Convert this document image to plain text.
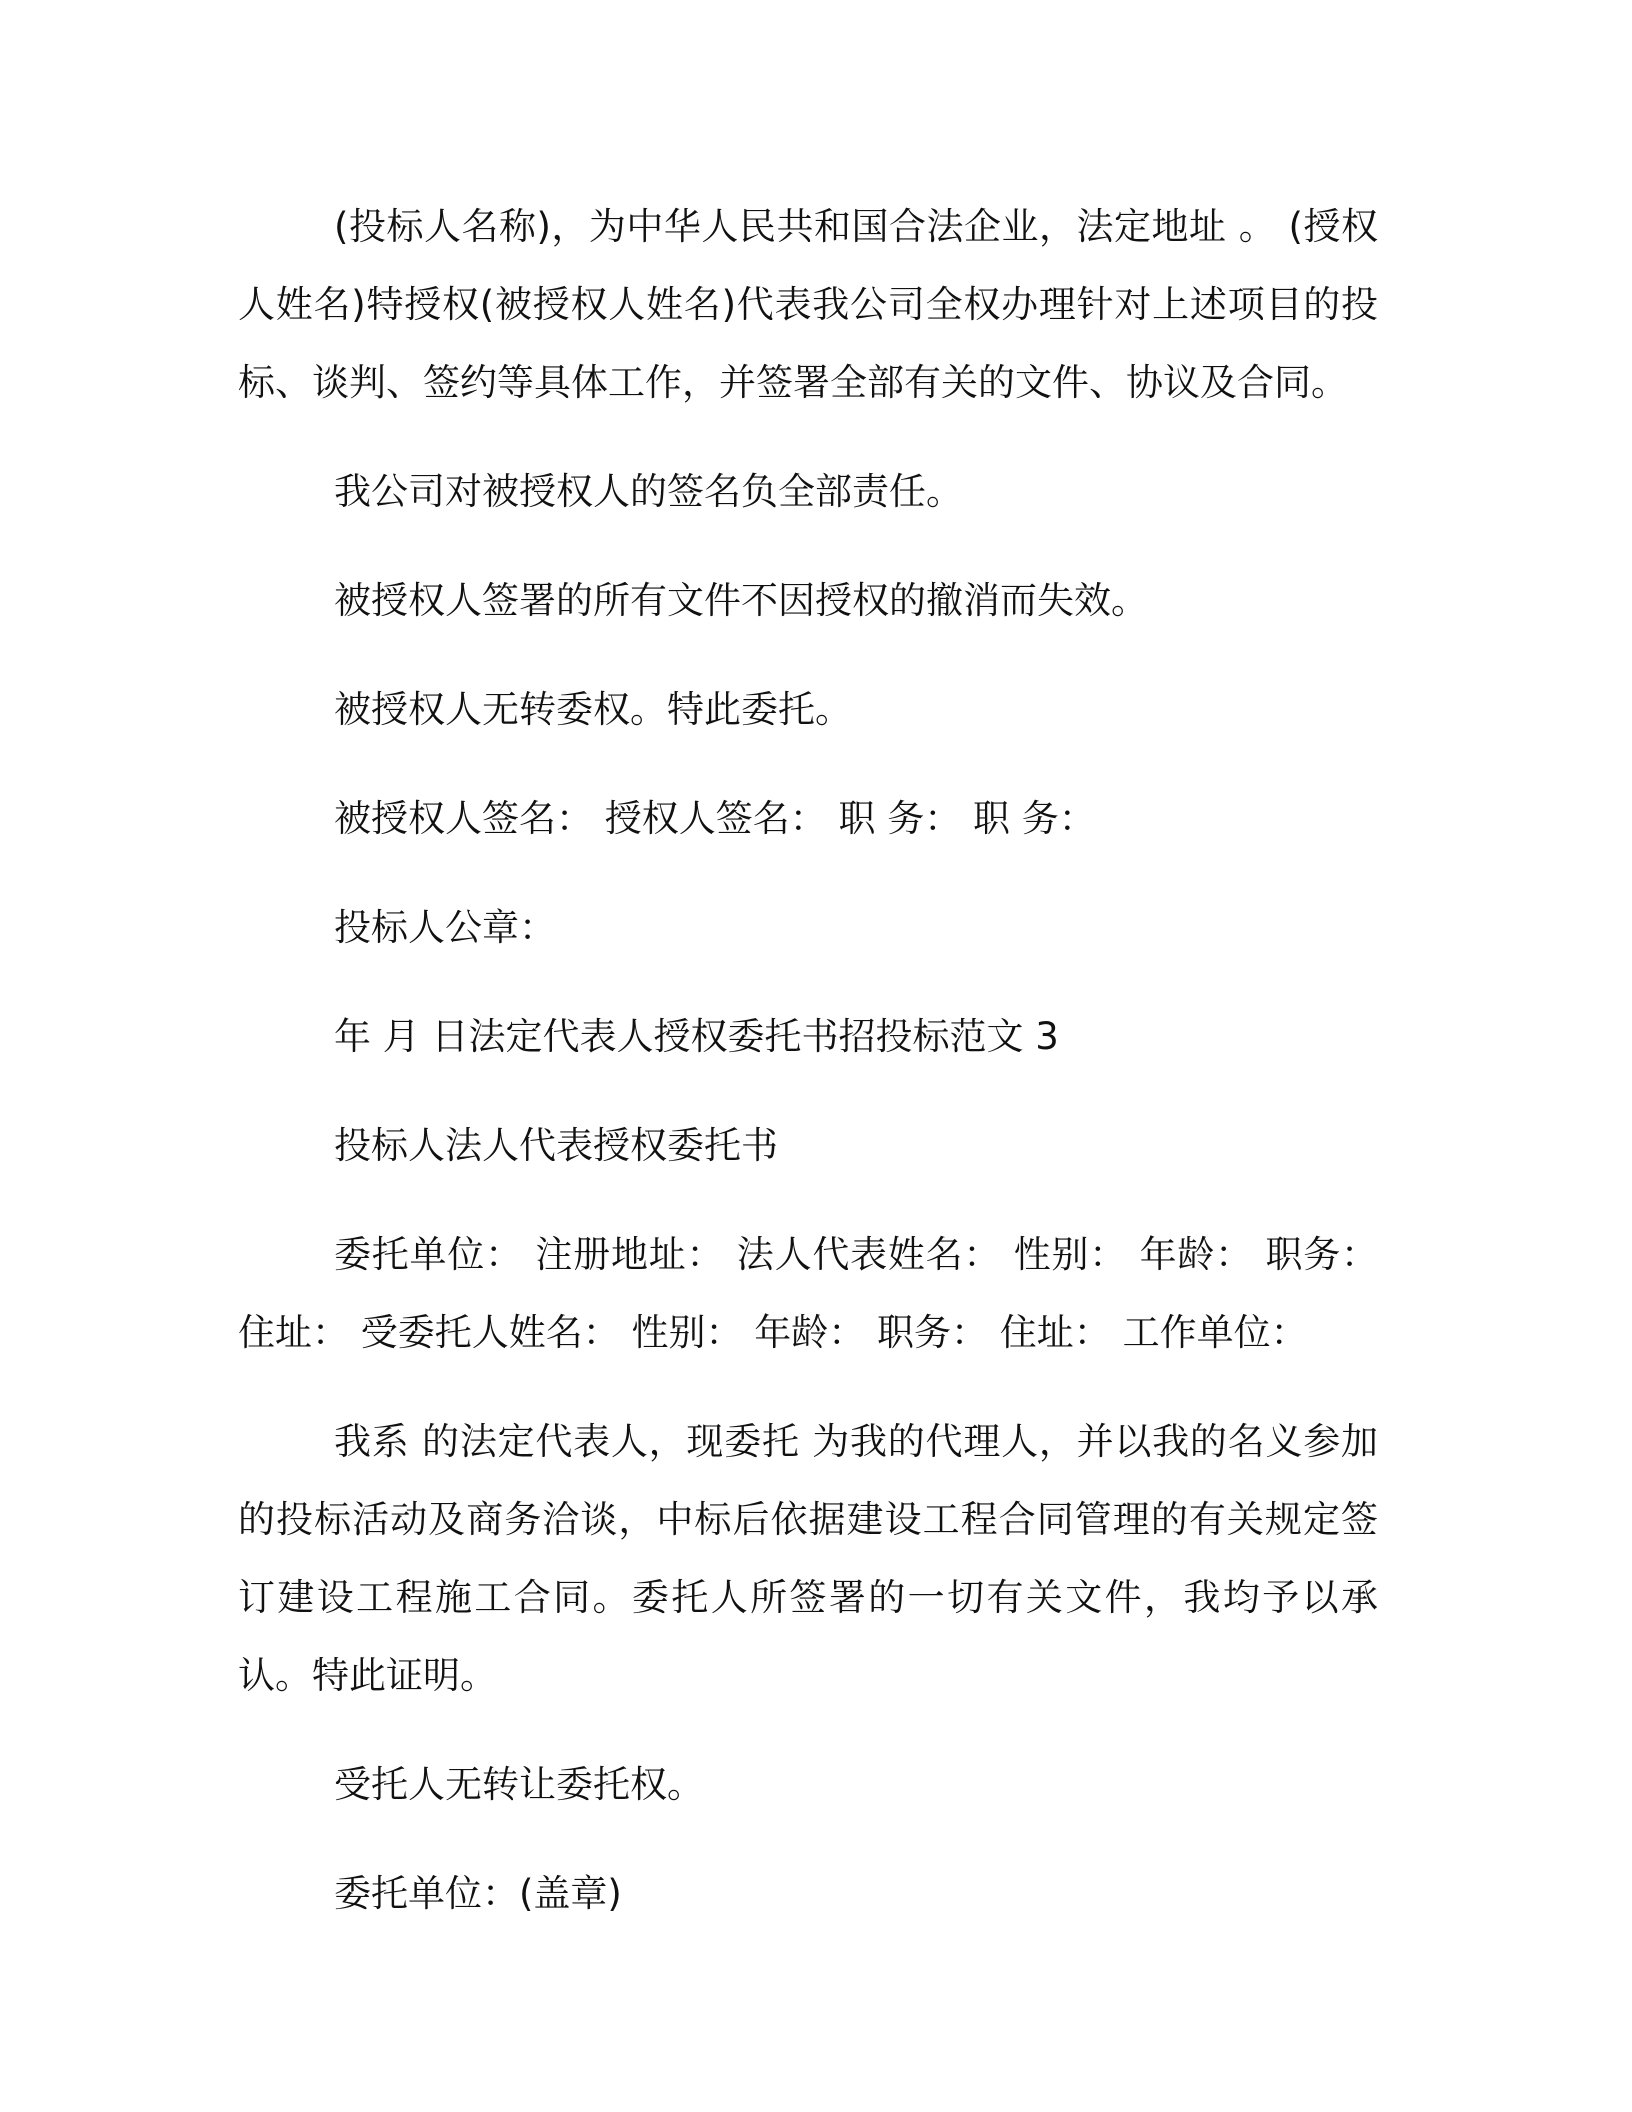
(投标人名称)，为中华人民共和国合法企业，法定地址 。 (授权人姓名)特授权(被授权人姓名)代表我公司全权办理针对上述项目的投标、谈判、签约等具体工作，并签署全部有关的文件、协议及合同。

我公司对被授权人的签名负全部责任。

被授权人签署的所有文件不因授权的撤消而失效。

被授权人无转委权。特此委托。

被授权人签名： 授权人签名： 职 务： 职 务：

投标人公章：

年 月 日法定代表人授权委托书招投标范文 3

投标人法人代表授权委托书

委托单位： 注册地址： 法人代表姓名： 性别： 年龄： 职务： 住址： 受委托人姓名： 性别： 年龄： 职务： 住址： 工作单位：

我系 的法定代表人，现委托 为我的代理人，并以我的名义参加的投标活动及商务洽谈，中标后依据建设工程合同管理的有关规定签订建设工程施工合同。委托人所签署的一切有关文件，我均予以承认。特此证明。

受托人无转让委托权。

委托单位：(盖章)
